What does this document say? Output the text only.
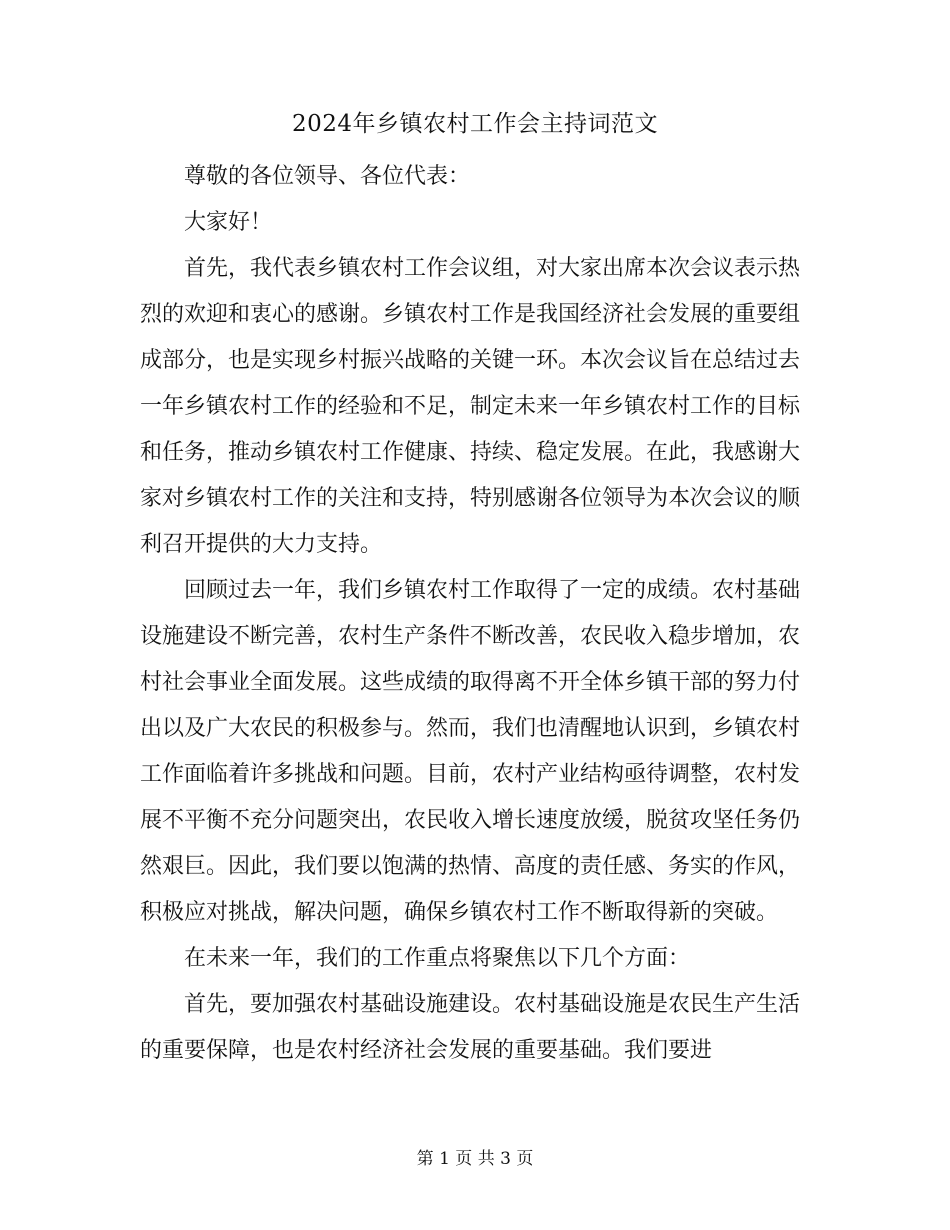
2024年乡镇农村工作会主持词范文

尊敬的各位领导、各位代表：

大家好！

首先，我代表乡镇农村工作会议组，对大家出席本次会议表示热烈的欢迎和衷心的感谢。乡镇农村工作是我国经济社会发展的重要组成部分，也是实现乡村振兴战略的关键一环。本次会议旨在总结过去一年乡镇农村工作的经验和不足，制定未来一年乡镇农村工作的目标和任务，推动乡镇农村工作健康、持续、稳定发展。在此，我感谢大家对乡镇农村工作的关注和支持，特别感谢各位领导为本次会议的顺利召开提供的大力支持。

回顾过去一年，我们乡镇农村工作取得了一定的成绩。农村基础设施建设不断完善，农村生产条件不断改善，农民收入稳步增加，农村社会事业全面发展。这些成绩的取得离不开全体乡镇干部的努力付出以及广大农民的积极参与。然而，我们也清醒地认识到，乡镇农村工作面临着许多挑战和问题。目前，农村产业结构亟待调整，农村发展不平衡不充分问题突出，农民收入增长速度放缓，脱贫攻坚任务仍然艰巨。因此，我们要以饱满的热情、高度的责任感、务实的作风，积极应对挑战，解决问题，确保乡镇农村工作不断取得新的突破。

在未来一年，我们的工作重点将聚焦以下几个方面：

首先，要加强农村基础设施建设。农村基础设施是农民生产生活的重要保障，也是农村经济社会发展的重要基础。我们要进

第 1 页 共 3 页
